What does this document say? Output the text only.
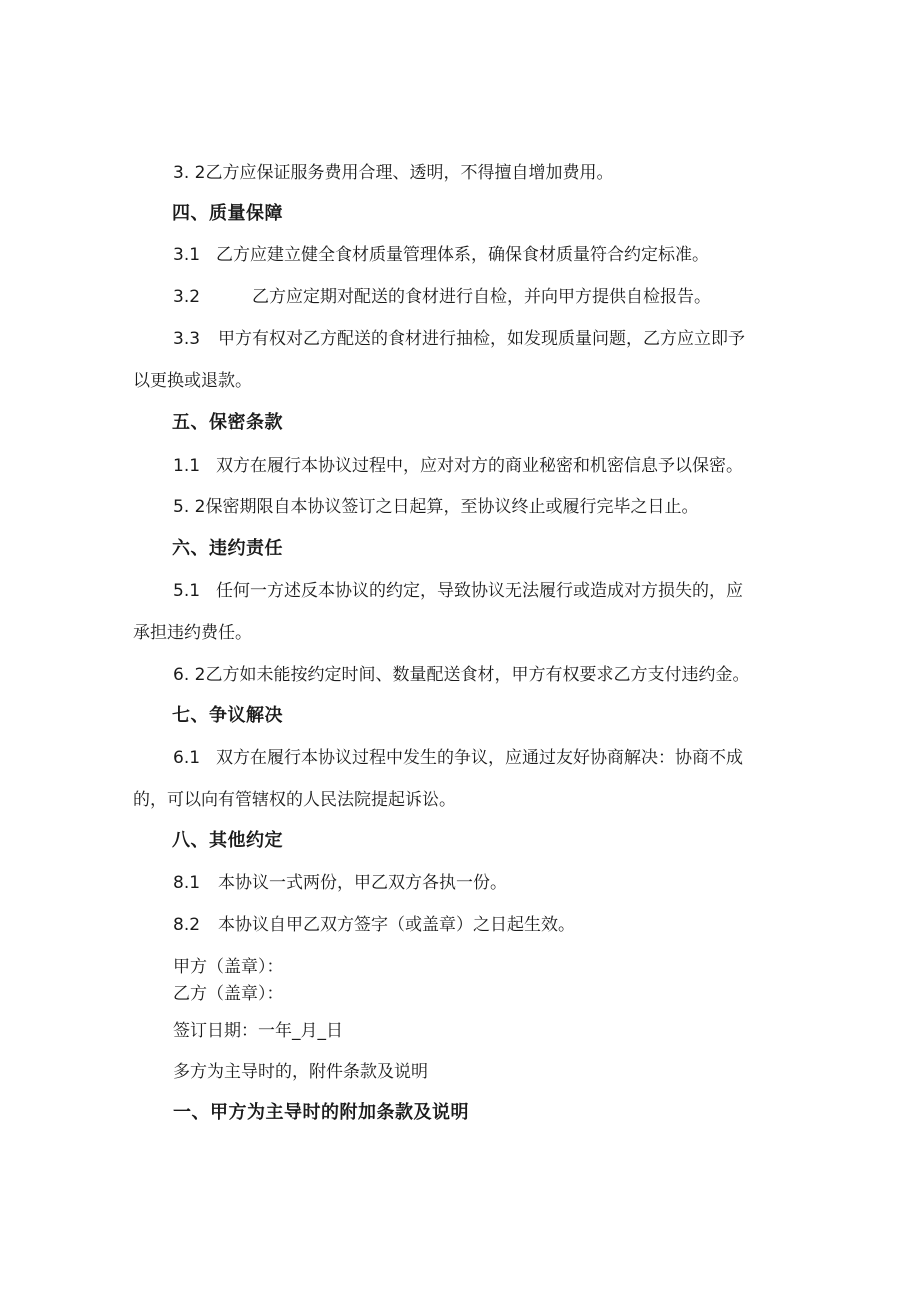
3. 2乙方应保证服务费用合理、透明，不得擅自增加费用。
四、质量保障
3.1 乙方应建立健全食材质量管理体系，确保食材质量符合约定标准。
3.2	乙方应定期对配送的食材进行自检，并向甲方提供自检报告。
3.3 甲方有权对乙方配送的食材进行抽检，如发现质量问题，乙方应立即予
以更换或退款。
五、保密条款
1.1 双方在履行本协议过程中，应对对方的商业秘密和机密信息予以保密。
5. 2保密期限自本协议签订之日起算，至协议终止或履行完毕之日止。
六、违约责任
5.1 任何一方述反本协议的约定，导致协议无法履行或造成对方损失的，应
承担违约费任。
6. 2乙方如未能按约定时间、数量配送食材，甲方有权要求乙方支付违约金。
七、争议解决
6.1 双方在履行本协议过程中发生的争议，应通过友好协商解决：协商不成
的，可以向有管辖权的人民法院提起诉讼。
八、其他约定
8.1 本协议一式两份，甲乙双方各执一份。
8.2 本协议自甲乙双方签字（或盖章）之日起生效。
甲方（盖章）：
乙方（盖章）：
签订日期：一年_月_日
多方为主导时的，附件条款及说明
一、甲方为主导时的附加条款及说明
